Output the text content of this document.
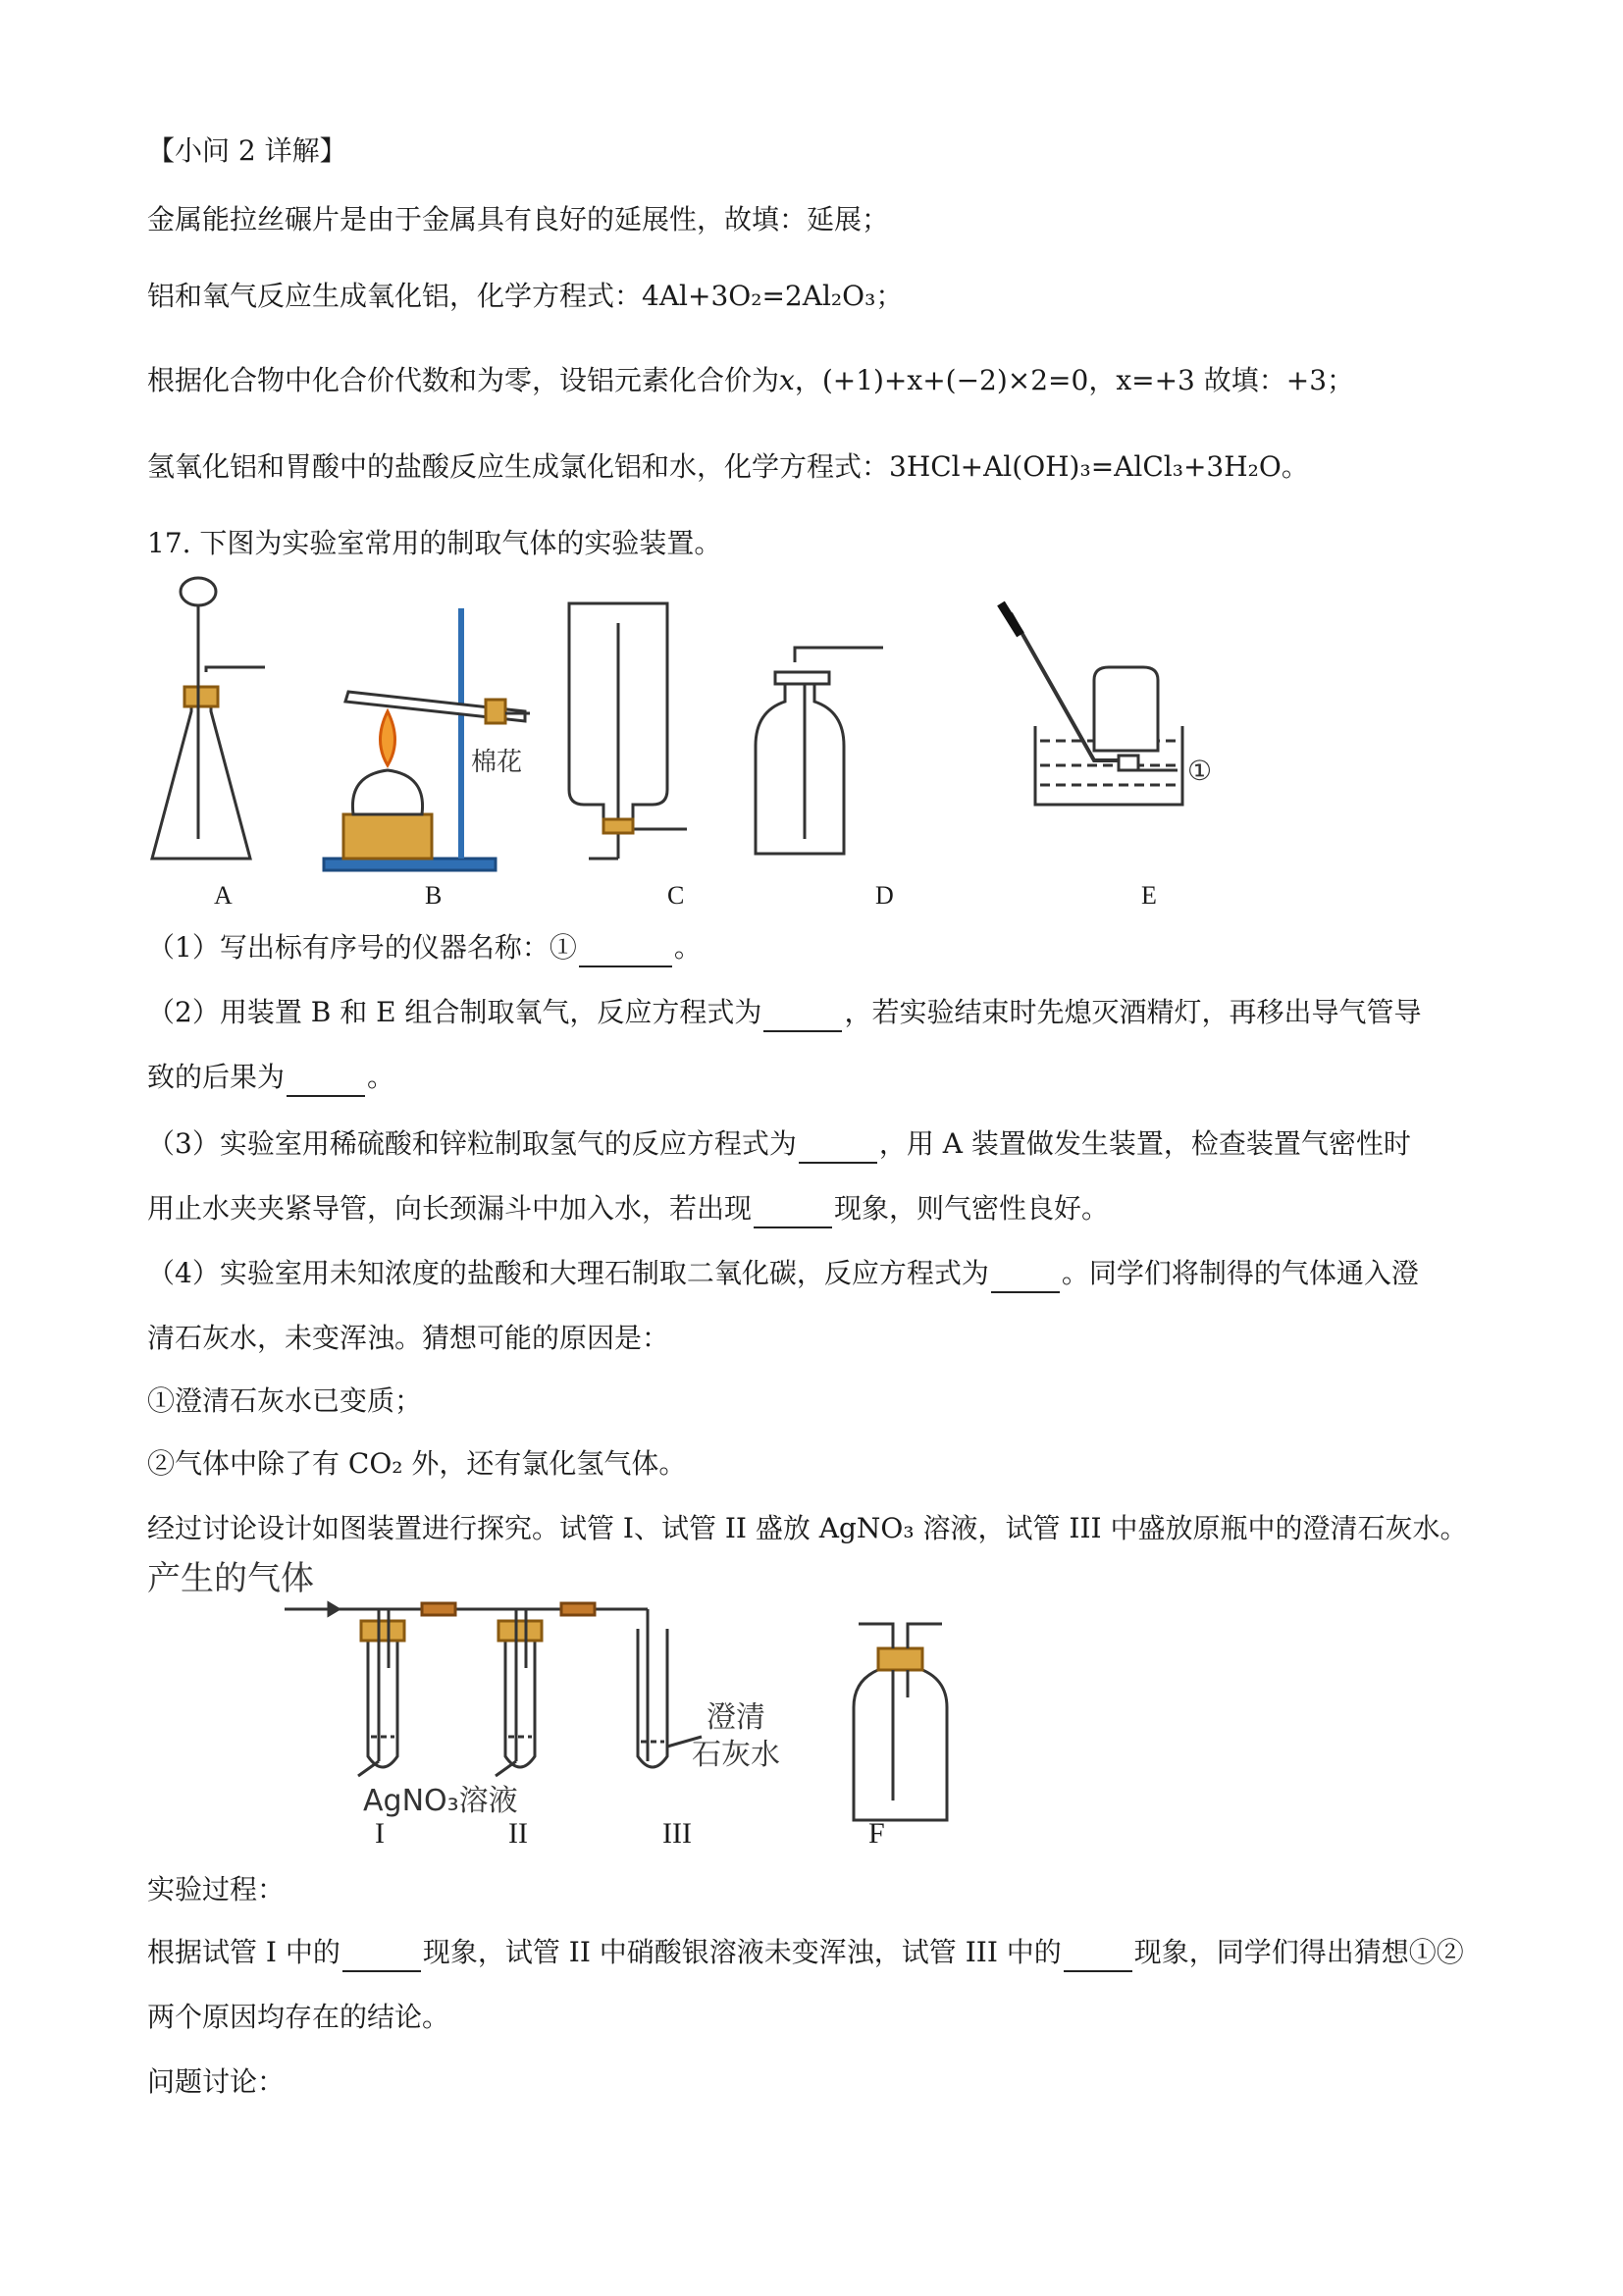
【小问 2 详解】
金属能拉丝碾片是由于金属具有良好的延展性，故填：延展；
铝和氧气反应生成氧化铝，化学方程式：4Al+3O₂=2Al₂O₃；
根据化合物中化合价代数和为零，设铝元素化合价为x，(+1)+x+(−2)×2=0，x=+3 故填：+3；
氢氧化铝和胃酸中的盐酸反应生成氯化铝和水，化学方程式：3HCl+Al(OH)₃=AlCl₃+3H₂O。
17. 下图为实验室常用的制取气体的实验装置。
棉花	①
A	B	C	D	E
（1）写出标有序号的仪器名称：①	。
（2）用装置 B 和 E 组合制取氧气，反应方程式为	，若实验结束时先熄灭酒精灯，再移出导气管导
致的后果为	。
（3）实验室用稀硫酸和锌粒制取氢气的反应方程式为	，用 A 装置做发生装置，检查装置气密性时
用止水夹夹紧导管，向长颈漏斗中加入水，若出现	现象，则气密性良好。
（4）实验室用未知浓度的盐酸和大理石制取二氧化碳，反应方程式为	。同学们将制得的气体通入澄
清石灰水，未变浑浊。猜想可能的原因是：
①澄清石灰水已变质；
②气体中除了有 CO₂ 外，还有氯化氢气体。
经过讨论设计如图装置进行探究。试管 I、试管 II 盛放 AgNO₃ 溶液，试管 III 中盛放原瓶中的澄清石灰水。
产生的气体
AgNO₃溶液
澄清
石灰水
I	II	III	F
实验过程：
根据试管 I 中的	现象，试管 II 中硝酸银溶液未变浑浊，试管 III 中的	现象，同学们得出猜想①②
两个原因均存在的结论。
问题讨论：
